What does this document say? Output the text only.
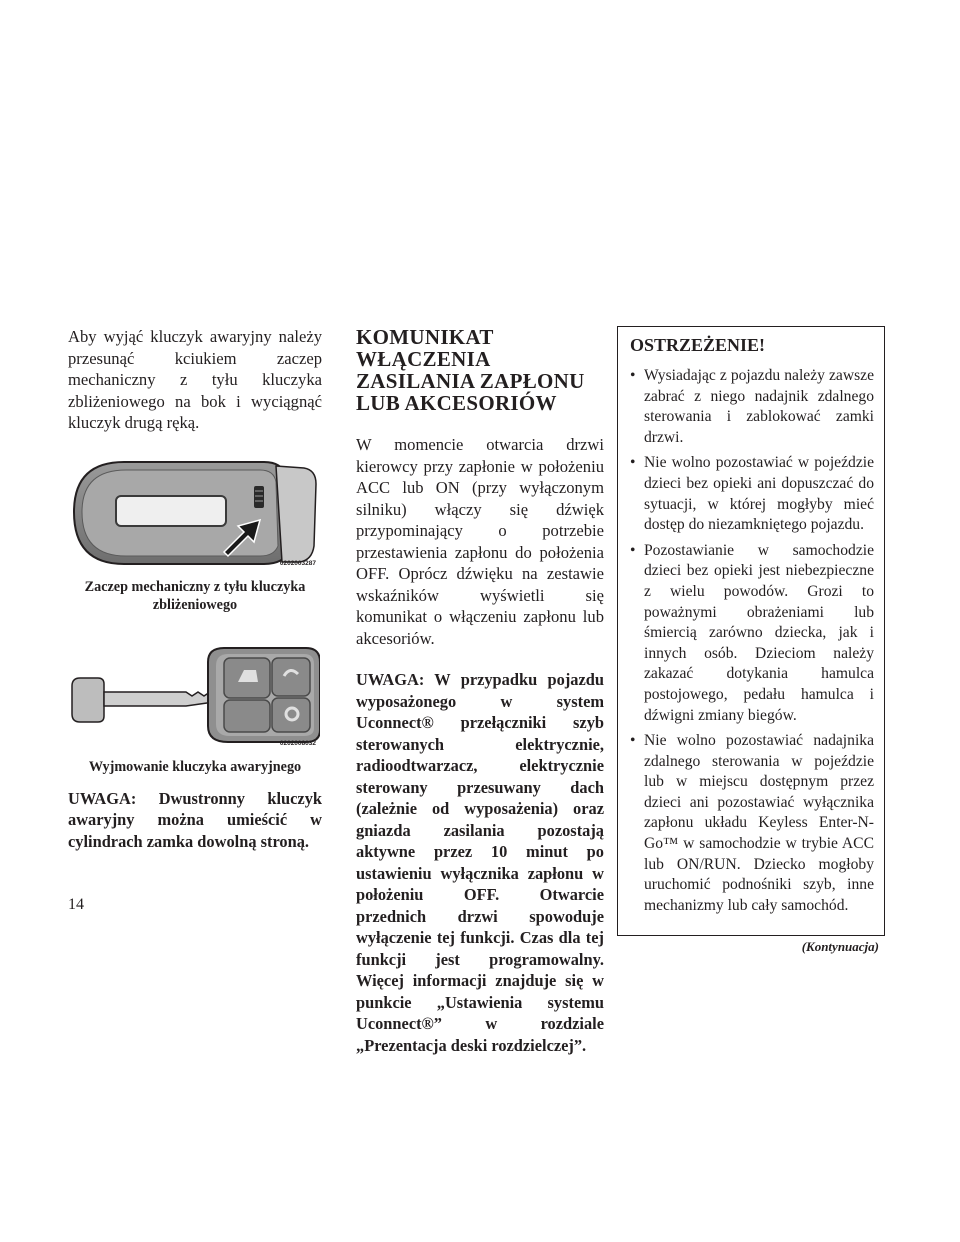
Aby wyjąć kluczyk awaryjny należy przesunąć kciukiem zaczep mechaniczny z tyłu kluczyka zbliżeniowego na bok i wyciągnąć kluczyk drugą ręką.

0202003287

Zaczep mechaniczny z tyłu kluczyka zbliżeniowego

0202008032

Wyjmowanie kluczyka awaryjnego

UWAGA: Dwustronny kluczyk awaryjny można umieścić w cylindrach zamka dowolną stroną.

KOMUNIKAT WŁĄCZENIA ZASILANIA ZAPŁONU LUB AKCESORIÓW

W momencie otwarcia drzwi kierowcy przy zapłonie w położeniu ACC lub ON (przy wyłączonym silniku) włączy się dźwięk przypominający o potrzebie przestawienia zapłonu do położenia OFF. Oprócz dźwięku na zestawie wskaźników wyświetli się komunikat o włączeniu zapłonu lub akcesoriów.

UWAGA: W przypadku pojazdu wyposażonego w system Uconnect® przełączniki szyb sterowanych elektrycznie, radioodtwarzacz, elektrycznie sterowany przesuwany dach (zależnie od wyposażenia) oraz gniazda zasilania pozostają aktywne przez 10 minut po ustawieniu wyłącznika zapłonu w położeniu OFF. Otwarcie przednich drzwi spowoduje wyłączenie tej funkcji. Czas dla tej funkcji jest programowalny. Więcej informacji znajduje się w punkcie „Ustawienia systemu Uconnect®” w rozdziale „Prezentacja deski rozdzielczej”.

OSTRZEŻENIE!
• Wysiadając z pojazdu należy zawsze zabrać z niego nadajnik zdalnego sterowania i zablokować zamki drzwi.
• Nie wolno pozostawiać w pojeździe dzieci bez opieki ani dopuszczać do sytuacji, w której mogłyby mieć dostęp do niezamkniętego pojazdu.
• Pozostawianie w samochodzie dzieci bez opieki jest niebezpieczne z wielu powodów. Grozi to poważnymi obrażeniami lub śmiercią zarówno dziecka, jak i innych osób. Dzieciom należy zakazać dotykania hamulca postojowego, pedału hamulca i dźwigni zmiany biegów.
• Nie wolno pozostawiać nadajnika zdalnego sterowania w pojeździe lub w miejscu dostępnym przez dzieci ani pozostawiać wyłącznika zapłonu układu Keyless Enter-N-Go™ w samochodzie w trybie ACC lub ON/RUN. Dziecko mogłoby uruchomić podnośniki szyb, inne mechanizmy lub cały samochód.
(Kontynuacja)
14
